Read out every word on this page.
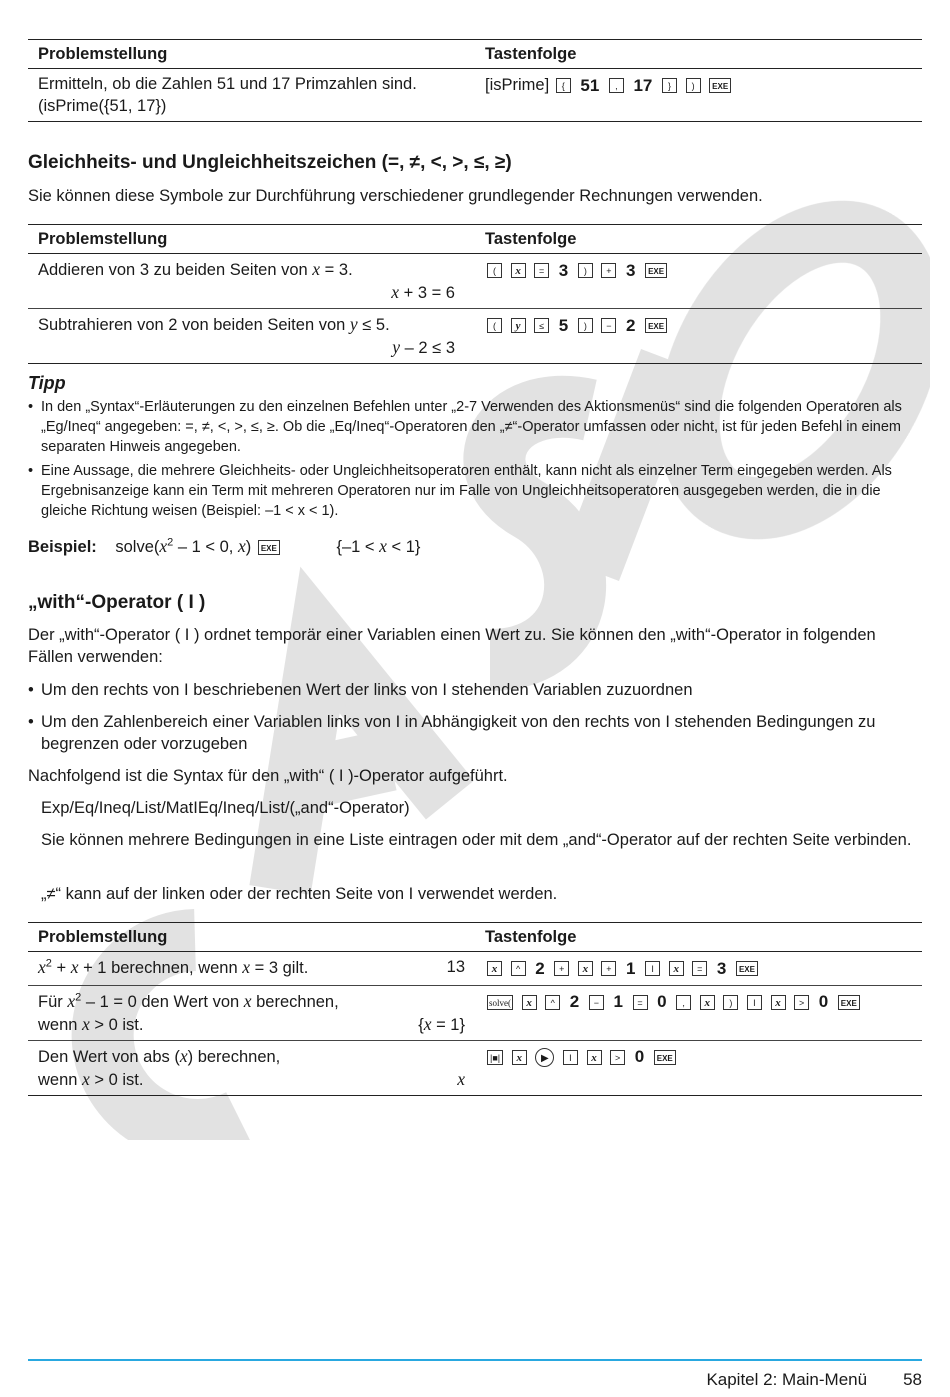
Problemstellung	Tastenfolge

Ermitteln, ob die Zahlen 51 und 17 Primzahlen sind.
(isPrime({51, 17})	[isPrime] { 51 , 17 } ) EXE
Gleichheits- und Ungleichheitszeichen (=, ≠, <, >, ≤, ≥)

Sie können diese Symbole zur Durchführung verschiedener grundlegender Rechnungen verwenden.

Problemstellung	Tastenfolge

Addieren von 3 zu beiden Seiten von x = 3.
x + 3 = 6	( x = 3 ) + 3 EXE

Subtrahieren von 2 von beiden Seiten von y ≤ 5.
y – 2 ≤ 3	( y ≤ 5 ) − 2 EXE
Tipp
• In den „Syntax“-Erläuterungen zu den einzelnen Befehlen unter „2-7 Verwenden des Aktionsmenüs“ sind die folgenden Operatoren als „Eg/Ineq“ angegeben: =, ≠, <, >, ≤, ≥. Ob die „Eq/Ineq“-Operatoren den „≠“-Operator umfassen oder nicht, ist für jeden Befehl in einem separaten Hinweis angegeben.
• Eine Aussage, die mehrere Gleichheits- oder Ungleichheitsoperatoren enthält, kann nicht als einzelner Term eingegeben werden. Als Ergebnisanzeige kann ein Term mit mehreren Operatoren nur im Falle von Ungleichheitsoperatoren ausgegeben werden, die in die gleiche Richtung weisen (Beispiel: –1 < x < 1).
Beispiel: $solve(x^2 - 1 < 0$, x) EXE	{–1 < x < 1}
„with“-Operator ( I )

Der „with“-Operator ( I ) ordnet temporär einer Variablen einen Wert zu. Sie können den „with“-Operator in folgenden Fällen verwenden:

• Um den rechts von I beschriebenen Wert der links von I stehenden Variablen zuzuordnen
• Um den Zahlenbereich einer Variablen links von I in Abhängigkeit von den rechts von I stehenden Bedingungen zu begrenzen oder vorzugeben

Nachfolgend ist die Syntax für den „with“ ( I )-Operator aufgeführt.

Exp/Eq/Ineq/List/MatIEq/Ineq/List/(„and“-Operator)

Sie können mehrere Bedingungen in eine Liste eintragen oder mit dem „and“-Operator auf der rechten Seite verbinden.

„≠“ kann auf der linken oder der rechten Seite von I verwendet werden.

Problemstellung	Tastenfolge

$x^2 + x + 1$ berechnen, wenn x = 3 gilt. 13	x ^ 2 + x + 1 I x = 3 EXE

Für $x^2 - 1 = 0$ den Wert von x berechnen,
wenn x > 0 ist. {x = 1}	solve( x ^ 2 − 1 = 0 , x ) I x > 0 EXE

Den Wert von abs (x) berechnen,
wenn x > 0 ist. x	|■| x ▶ I x > 0 EXE
Kapitel 2: Main-Menü 58
